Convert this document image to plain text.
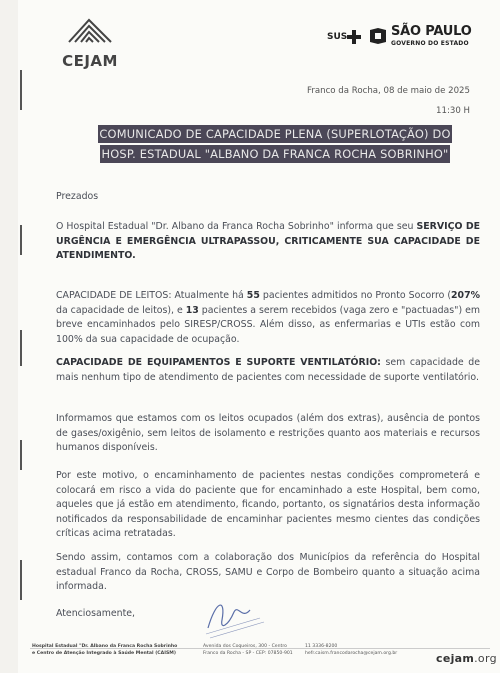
CEJAM
SUS	SÃO PAULO
GOVERNO DO ESTADO
Franco da Rocha, 08 de maio de 2025
11:30 H
COMUNICADO DE CAPACIDADE PLENA (SUPERLOTAÇÃO) DO
HOSP. ESTADUAL "ALBANO DA FRANCA ROCHA SOBRINHO"
Prezados
O Hospital Estadual "Dr. Albano da Franca Rocha Sobrinho" informa que seu SERVIÇO DE URGÊNCIA E EMERGÊNCIA ULTRAPASSOU, CRITICAMENTE SUA CAPACIDADE DE ATENDIMENTO.
CAPACIDADE DE LEITOS: Atualmente há 55 pacientes admitidos no Pronto Socorro (207% da capacidade de leitos), e 13 pacientes a serem recebidos (vaga zero e "pactuadas") em breve encaminhados pelo SIRESP/CROSS. Além disso, as enfermarias e UTIs estão com 100% da sua capacidade de ocupação.
CAPACIDADE DE EQUIPAMENTOS E SUPORTE VENTILATÓRIO: sem capacidade de mais nenhum tipo de atendimento de pacientes com necessidade de suporte ventilatório.
Informamos que estamos com os leitos ocupados (além dos extras), ausência de pontos de gases/oxigênio, sem leitos de isolamento e restrições quanto aos materiais e recursos humanos disponíveis.
Por este motivo, o encaminhamento de pacientes nestas condições comprometerá e colocará em risco a vida do paciente que for encaminhado a este Hospital, bem como, aqueles que já estão em atendimento, ficando, portanto, os signatários desta informação notificados da responsabilidade de encaminhar pacientes mesmo cientes das condições críticas acima retratadas.
Sendo assim, contamos com a colaboração dos Municípios da referência do Hospital estadual Franco da Rocha, CROSS, SAMU e Corpo de Bombeiro quanto a situação acima informada.
Atenciosamente,
Hospital Estadual "Dr. Albano da Franca Rocha Sobrinho
e Centro de Atenção Integrado à Saúde Mental (CAISM)
Avenida dos Coqueiros, 300 - Centro
Franco da Rocha - SP - CEP: 07850-901
11 3336-8200
hefr.caism.francodarocha@cejam.org.br	cejam.org
